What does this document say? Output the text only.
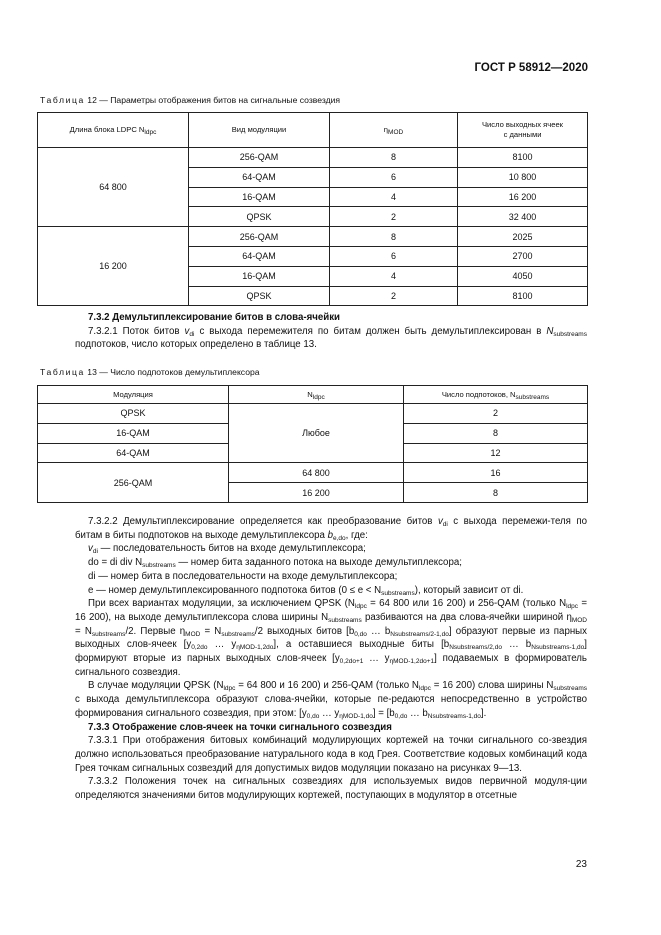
ГОСТ Р 58912—2020
Таблица 12 — Параметры отображения битов на сигнальные созвездия
Длина блока LDPC $N_{ldpc}$	Вид модуляции	$\eta_{MOD}$	Число выходных ячеек
с данными
64 800	256-QAM	8	8100
	64-QAM	6	10 800
	16-QAM	4	16 200
	QPSK	2	32 400
16 200	256-QAM	8	2025
	64-QAM	6	2700
	16-QAM	4	4050
	QPSK	2	8100

7.3.2 Демультиплексирование битов в слова-ячейки

7.3.2.1 Поток битов $v_{di}$ с выхода перемежителя по битам должен быть демультиплексирован в $N_{substreams}$ подпотоков, число которых определено в таблице 13.

Таблица 13 — Число подпотоков демультиплексора
Модуляция	$N_{ldpc}$	Число подпотоков, $N_{substreams}$
QPSK	Любое	2
16-QAM		8
64-QAM		12
256-QAM	64 800	16
	16 200	8

7.3.2.2 Демультиплексирование определяется как преобразование битов $v_{di}$ с выхода перемежи-теля по битам в биты подпотоков на выходе демультиплексора $b_{e,do}$, где:

$v_{di}$ — последовательность битов на входе демультиплексора;

do = di div $N_{substreams}$ — номер бита заданного потока на выходе демультиплексора;

di — номер бита в последовательности на входе демультиплексора;

e — номер демультиплексированного подпотока битов $(0 \le e < N_{substreams})$, который зависит от di.

При всех вариантах модуляции, за исключением QPSK ($N_{ldpc} = 64$ 800 или 16 200) и 256-QAM (только $N_{ldpc} = 16$ 200), на выходе демультиплексора слова ширины $N_{substreams}$ разбиваются на два слова-ячейки шириной $\eta_{MOD} = N_{substreams}/2$. Первые $\eta_{MOD} = N_{substreams}/2$ выходных битов [$b_{0,do}$ … $b_{Nsubstreams/2-1,do}$] образуют первые из парных выходных слов-ячеек [$y_{0,2do}$ … $y_{\eta MOD-1,2do}$], а оставшиеся выходные биты [$b_{Nsubstreams/2,do}$ … $b_{Nsubstreams-1,do}$] формируют вторые из парных выходных слов-ячеек [$y_{0,2do+1}$ … $y_{\eta MOD-1,2do+1}$] подаваемых в формирователь сигнального созвездия.

В случае модуляции QPSK ($N_{ldpc} = 64$ 800 и 16 200) и 256-QAM (только $N_{ldpc} = 16$ 200) слова ширины $N_{substreams}$ с выхода демультиплексора образуют слова-ячейки, которые пе-редаются непосредственно в устройство формирования сигнального созвездия, при этом: [$y_{0,do}$ … $y_{\eta MOD-1,do}] = [b_{0,do}$ … $b_{Nsubstreams-1,do}$].

7.3.3 Отображение слов-ячеек на точки сигнального созвездия

7.3.3.1 При отображения битовых комбинаций модулирующих кортежей на точки сигнального со-звездия должно использоваться преобразование натурального кода в код Грея. Соответствие кодовых комбинаций кода Грея точкам сигнальных созвездий для допустимых видов модуляции показано на рисунках 9—13.

7.3.3.2 Положения точек на сигнальных созвездиях для используемых видов первичной модуля-ции определяются значениями битов модулирующих кортежей, поступающих в модулятор в отсетные

23
